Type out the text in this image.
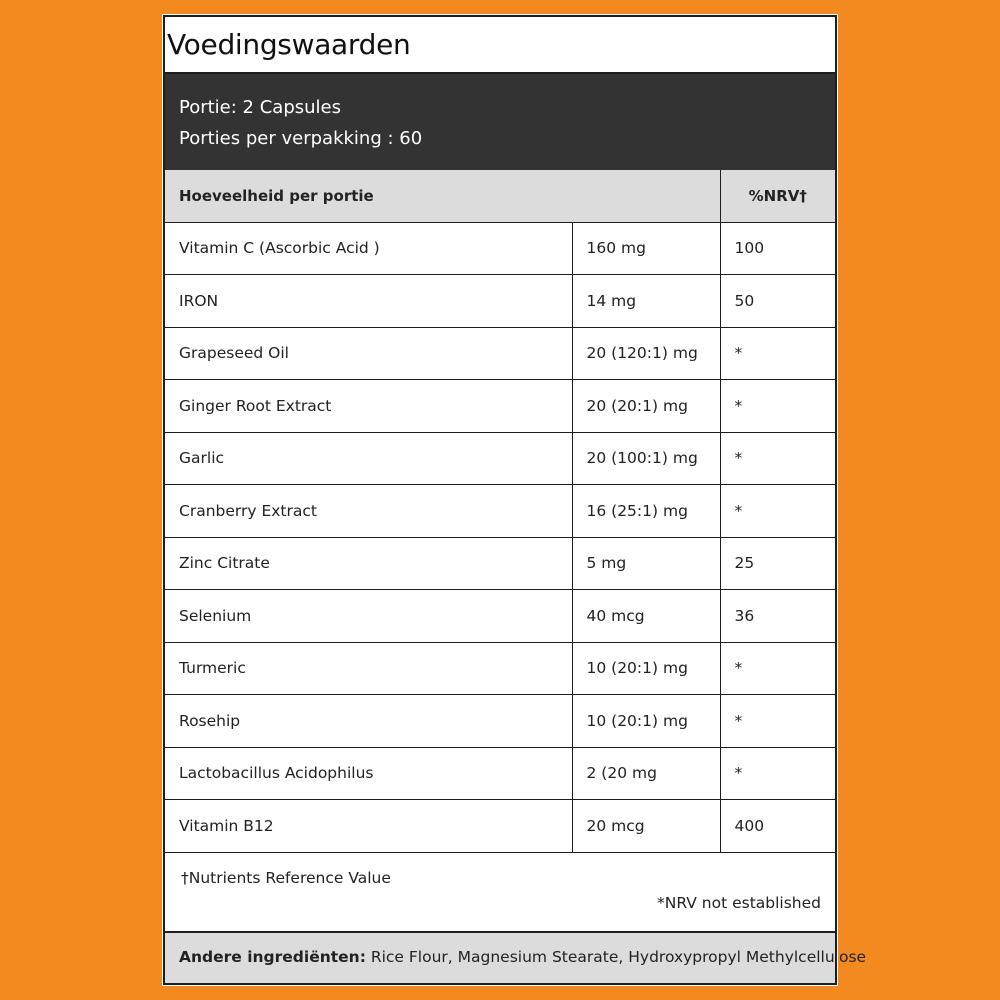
Voedingswaarden
Portie: 2 Capsules
Porties per verpakking : 60
Hoeveelheid per portie		%NRV†
Vitamin C (Ascorbic Acid )	160 mg	100
IRON	14 mg	50
Grapeseed Oil	20 (120:1) mg	*
Ginger Root Extract	20 (20:1) mg	*
Garlic	20 (100:1) mg	*
Cranberry Extract	16 (25:1) mg	*
Zinc Citrate	5 mg	25
Selenium	40 mcg	36
Turmeric	10 (20:1) mg	*
Rosehip	10 (20:1) mg	*
Lactobacillus Acidophilus	2 (20 mg	*
Vitamin B12	20 mcg	400
†Nutrients Reference Value
*NRV not established
Andere ingrediënten: Rice Flour, Magnesium Stearate, Hydroxypropyl Methylcellulose
